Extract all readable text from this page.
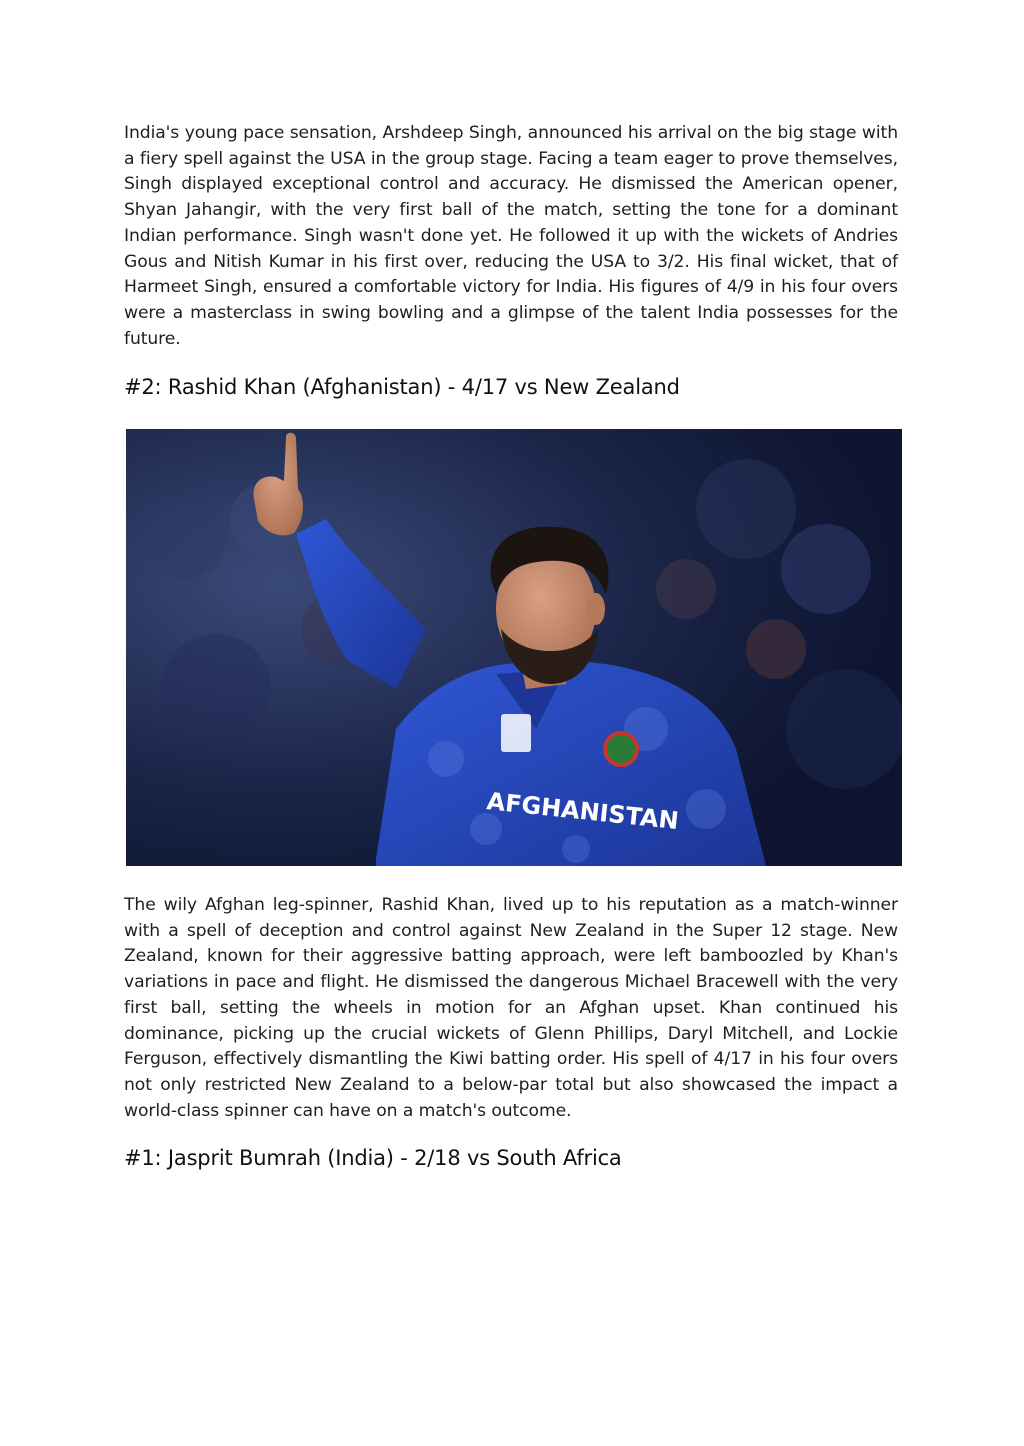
India's young pace sensation, Arshdeep Singh, announced his arrival on the big stage with a fiery spell against the USA in the group stage. Facing a team eager to prove themselves, Singh displayed exceptional control and accuracy. He dismissed the American opener, Shyan Jahangir, with the very first ball of the match, setting the tone for a dominant Indian performance. Singh wasn't done yet. He followed it up with the wickets of Andries Gous and Nitish Kumar in his first over, reducing the USA to 3/2. His final wicket, that of Harmeet Singh, ensured a comfortable victory for India. His figures of 4/9 in his four overs were a masterclass in swing bowling and a glimpse of the talent India possesses for the future.

#2: Rashid Khan (Afghanistan) - 4/17 vs New Zealand
AFGHANISTAN

The wily Afghan leg-spinner, Rashid Khan, lived up to his reputation as a match-winner with a spell of deception and control against New Zealand in the Super 12 stage. New Zealand, known for their aggressive batting approach, were left bamboozled by Khan's variations in pace and flight. He dismissed the dangerous Michael Bracewell with the very first ball, setting the wheels in motion for an Afghan upset. Khan continued his dominance, picking up the crucial wickets of Glenn Phillips, Daryl Mitchell, and Lockie Ferguson, effectively dismantling the Kiwi batting order. His spell of 4/17 in his four overs not only restricted New Zealand to a below-par total but also showcased the impact a world-class spinner can have on a match's outcome.

#1: Jasprit Bumrah (India) - 2/18 vs South Africa
